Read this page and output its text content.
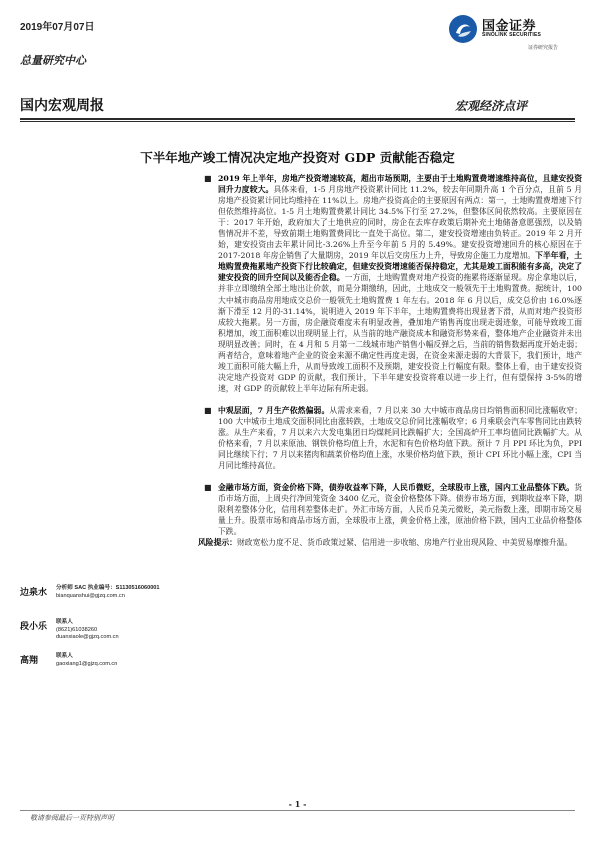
2019年07月07日
总量研究中心
国金证券
SINOLINK SECURITIES
证券研究报告
国内宏观周报	宏观经济点评
下半年地产竣工情况决定地产投资对 GDP 贡献能否稳定
■ 2019 年上半年，房地产投资增速较高，超出市场预期，主要由于土地购置费增速维持高位，且建安投资回升力度较大。具体来看，1-5 月房地产投资累计同比 11.2%，较去年同期升高 1 个百分点，且前 5 月房地产投资累计同比均维持在 11%以上。房地产投资高企的主要原因有两点：第一，土地购置费增速下行但依然维持高位。1-5 月土地购置费累计同比 34.5%下行至 27.2%，但整体区间依然较高。主要原因在于：2017 年开始，政府加大了土地供应的同时，房企在去库存政策后期补充土地储备意愿强烈，以及销售情况并不差，导致前期土地购置费同比一直处于高位。第二，建安投资增速由负转正。2019 年 2 月开始，建安投资由去年累计同比-3.26%上升至今年前 5 月的 5.49%。建安投资增速回升的核心原因在于 2017-2018 年房企销售了大量期房，2019 年以后交房压力上升，导致房企施工力度增加。下半年看，土地购置费拖累地产投资下行比较确定，但建安投资增速能否保持稳定，尤其是竣工面积能有多高，决定了建安投资的回升空间以及能否企稳。一方面，土地购置费对地产投资的拖累将逐渐显现。房企拿地以后，并非立即缴纳全部土地出让价款，而是分期缴纳，因此，土地成交一般领先于土地购置费。据统计，100 大中城市商品房用地成交总价一般领先土地购置费 1 年左右。2018 年 6 月以后，成交总价由 16.0%逐渐下滑至 12 月的-31.14%，说明进入 2019 年下半年，土地购置费将出现显著下滑，从而对地产投资形成较大拖累。另一方面，房企融资难度未有明显改善，叠加地产销售再度出现走弱迹象，可能导致竣工面积增加，竣工面积难以出现明显上行，从当前的地产融资成本和融资形势来看，整体地产企业融资并未出现明显改善；同时，在 4 月和 5 月第一二线城市地产销售小幅反弹之后，当前的销售数据再度开始走弱；两者结合，意味着地产企业的资金来源不确定性再度走弱，在资金来源走弱的大背景下，我们预计，地产竣工面积可能大幅上升，从而导致竣工面积不及预期，建安投资上行幅度有限。整体上看，由于建安投资决定地产投资对 GDP 的贡献，我们预计，下半年建安投资将难以进一步上行，但有望保持 3-5%的增速，对 GDP 的贡献较上半年边际有所走弱。
■ 中观层面，7 月生产依然偏弱。从需求来看，7 月以来 30 大中城市商品房日均销售面积同比涨幅收窄；100 大中城市土地成交面积同比由涨转跌，土地成交总价同比涨幅收窄；6 月乘联会汽车零售同比由跌转涨。从生产来看，7 月以来六大发电集团日均煤耗同比跌幅扩大；全国高炉开工率均值同比跌幅扩大。从价格来看，7 月以来原油、钢铁价格均值上升，水泥和有色价格均值下跌。预计 7 月 PPI 环比为负，PPI 同比继续下行；7 月以来猪肉和蔬菜价格均值上涨，水果价格均值下跌，预计 CPI 环比小幅上涨，CPI 当月同比维持高位。
■ 金融市场方面，资金价格下降，债券收益率下降，人民币微贬，全球股市上涨，国内工业品整体下跌。货币市场方面，上周央行净回笼资金 3400 亿元，资金价格整体下降。债券市场方面，到期收益率下降，期限利差整体分化，信用利差整体走扩。外汇市场方面，人民币兑美元微贬，美元指数上涨，即期市场交易量上升。股票市场和商品市场方面，全球股市上涨，黄金价格上涨，原油价格下跌，国内工业品价格整体下跌。
风险提示：财政宽松力度不足、货币政策过紧、信用进一步收缩、房地产行业出现风险、中美贸易摩擦升温。
边泉水 分析师 SAC 执业编号：S1130516060001
bianquanshui@gjzq.com.cn
段小乐 联系人
(8621)61038260
duanxiaole@gjzq.com.cn
高翔	联系人
gaoxiang1@gjzq.com.cn
- 1 -
敬请参阅最后一页特别声明
